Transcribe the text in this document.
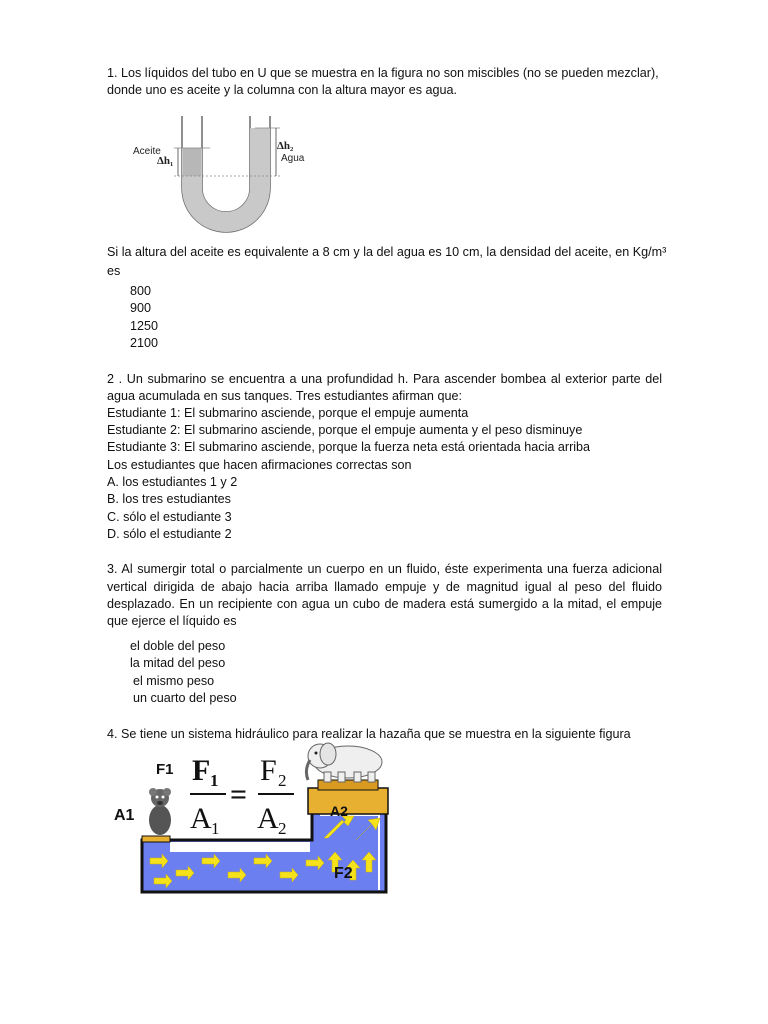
1. Los líquidos del tubo en U que se muestra en la figura no son miscibles (no se pueden mezclar),
donde uno es aceite y la columna con la altura mayor es agua.
Aceite
Δh₁
Δh₂
Agua
Si la altura del aceite es equivalente a 8 cm y la del agua es 10 cm, la densidad del aceite, en Kg/m³
es
800
900
1250
2100
2 . Un submarino se encuentra a una profundidad h. Para ascender bombea al exterior parte del
agua acumulada en sus tanques. Tres estudiantes afirman que:
Estudiante 1: El submarino asciende, porque el empuje aumenta
Estudiante 2: El submarino asciende, porque el empuje aumenta y el peso disminuye
Estudiante 3: El submarino asciende, porque la fuerza neta está orientada hacia arriba
Los estudiantes que hacen afirmaciones correctas son
A. los estudiantes 1 y 2
B. los tres estudiantes
C. sólo el estudiante 3
D. sólo el estudiante 2
3. Al sumergir total o parcialmente un cuerpo en un fluido, éste experimenta una fuerza adicional
vertical dirigida de abajo hacia arriba llamado empuje y de magnitud igual al peso del fluido
desplazado. En un recipiente con agua un cubo de madera está sumergido a la mitad, el empuje
que ejerce el líquido es
el doble del peso
la mitad del peso
el mismo peso
un cuarto del peso
4. Se tiene un sistema hidráulico para realizar la hazaña que se muestra en la siguiente figura
F1
A1	A2
F2
F 1
A 1
=
F 2
A 2
